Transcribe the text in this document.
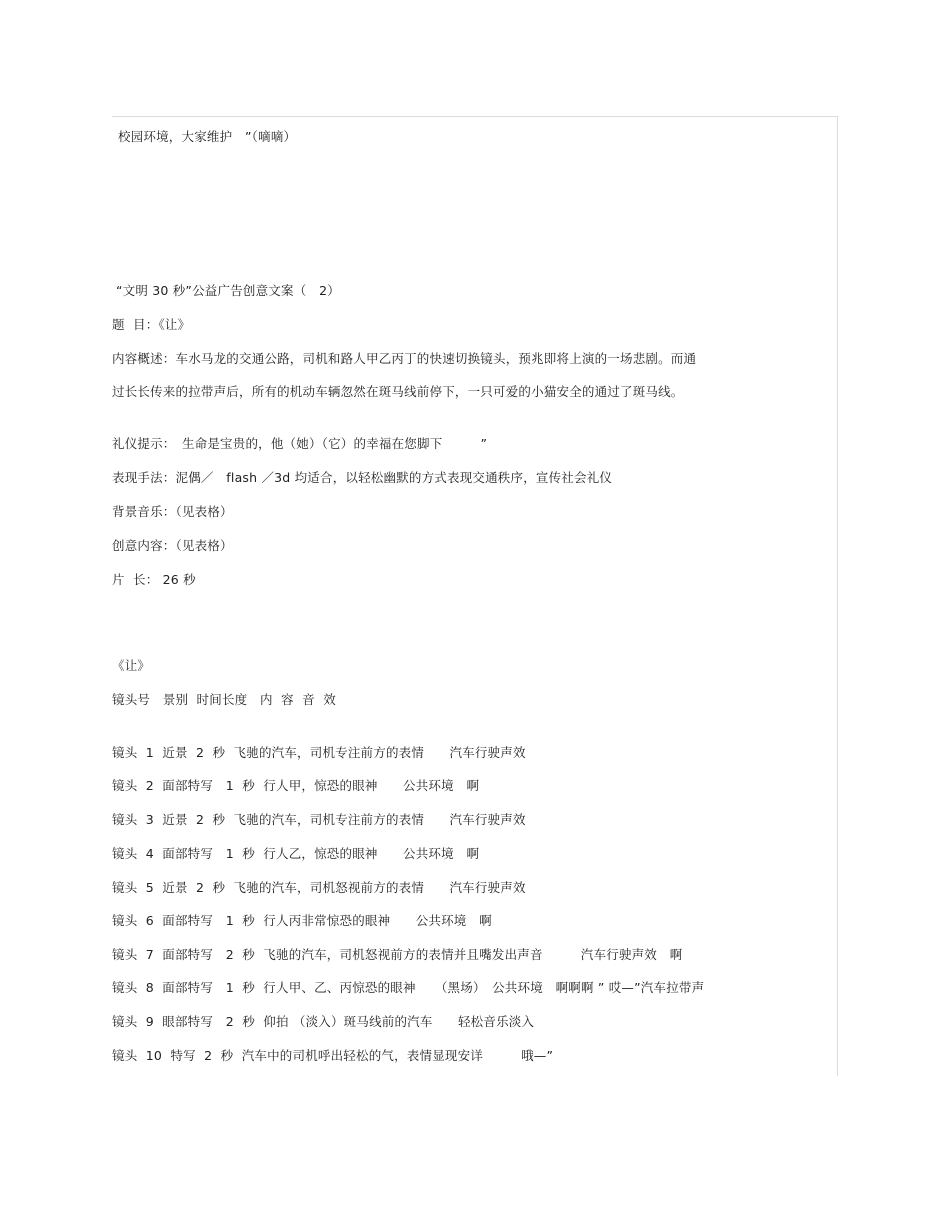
校园环境，大家维护　”（嘀嘀）
“文明 30 秒”公益广告创意文案（　2）
题  目：《让》
内容概述：车水马龙的交通公路，司机和路人甲乙丙丁的快速切换镜头，预兆即将上演的一场悲剧。而通
过长长传来的拉带声后，所有的机动车辆忽然在斑马线前停下，一只可爱的小猫安全的通过了斑马线。
礼仪提示：　生命是宝贵的，他（她）（它）的幸福在您脚下　　　”
表现手法：泥偶／　flash ／3d 均适合，以轻松幽默的方式表现交通秩序，宣传社会礼仪
背景音乐：（见表格）
创意内容：（见表格）
片  长： 26 秒
《让》
镜头号　景别  时间长度　内  容  音  效
镜头  1  近景  2  秒  飞驰的汽车，司机专注前方的表情　　汽车行驶声效
镜头  2  面部特写　1  秒  行人甲，惊恐的眼神　　公共环境　啊
镜头  3  近景  2  秒  飞驰的汽车，司机专注前方的表情　　汽车行驶声效
镜头  4  面部特写　1  秒  行人乙，惊恐的眼神　　公共环境　啊
镜头  5  近景  2  秒  飞驰的汽车，司机怒视前方的表情　　汽车行驶声效
镜头  6  面部特写　1  秒  行人丙非常惊恐的眼神　　公共环境　啊
镜头  7  面部特写　2  秒  飞驰的汽车，司机怒视前方的表情并且嘴发出声音　　　汽车行驶声效　啊
镜头  8  面部特写　1  秒  行人甲、乙、丙惊恐的眼神　　（黑场）　公共环境　啊啊啊 ” 哎—”汽车拉带声
镜头  9  眼部特写　2  秒  仰拍 （淡入）斑马线前的汽车　　轻松音乐淡入
镜头  10  特写  2  秒  汽车中的司机呼出轻松的气，表情显现安详　　　哦—”
